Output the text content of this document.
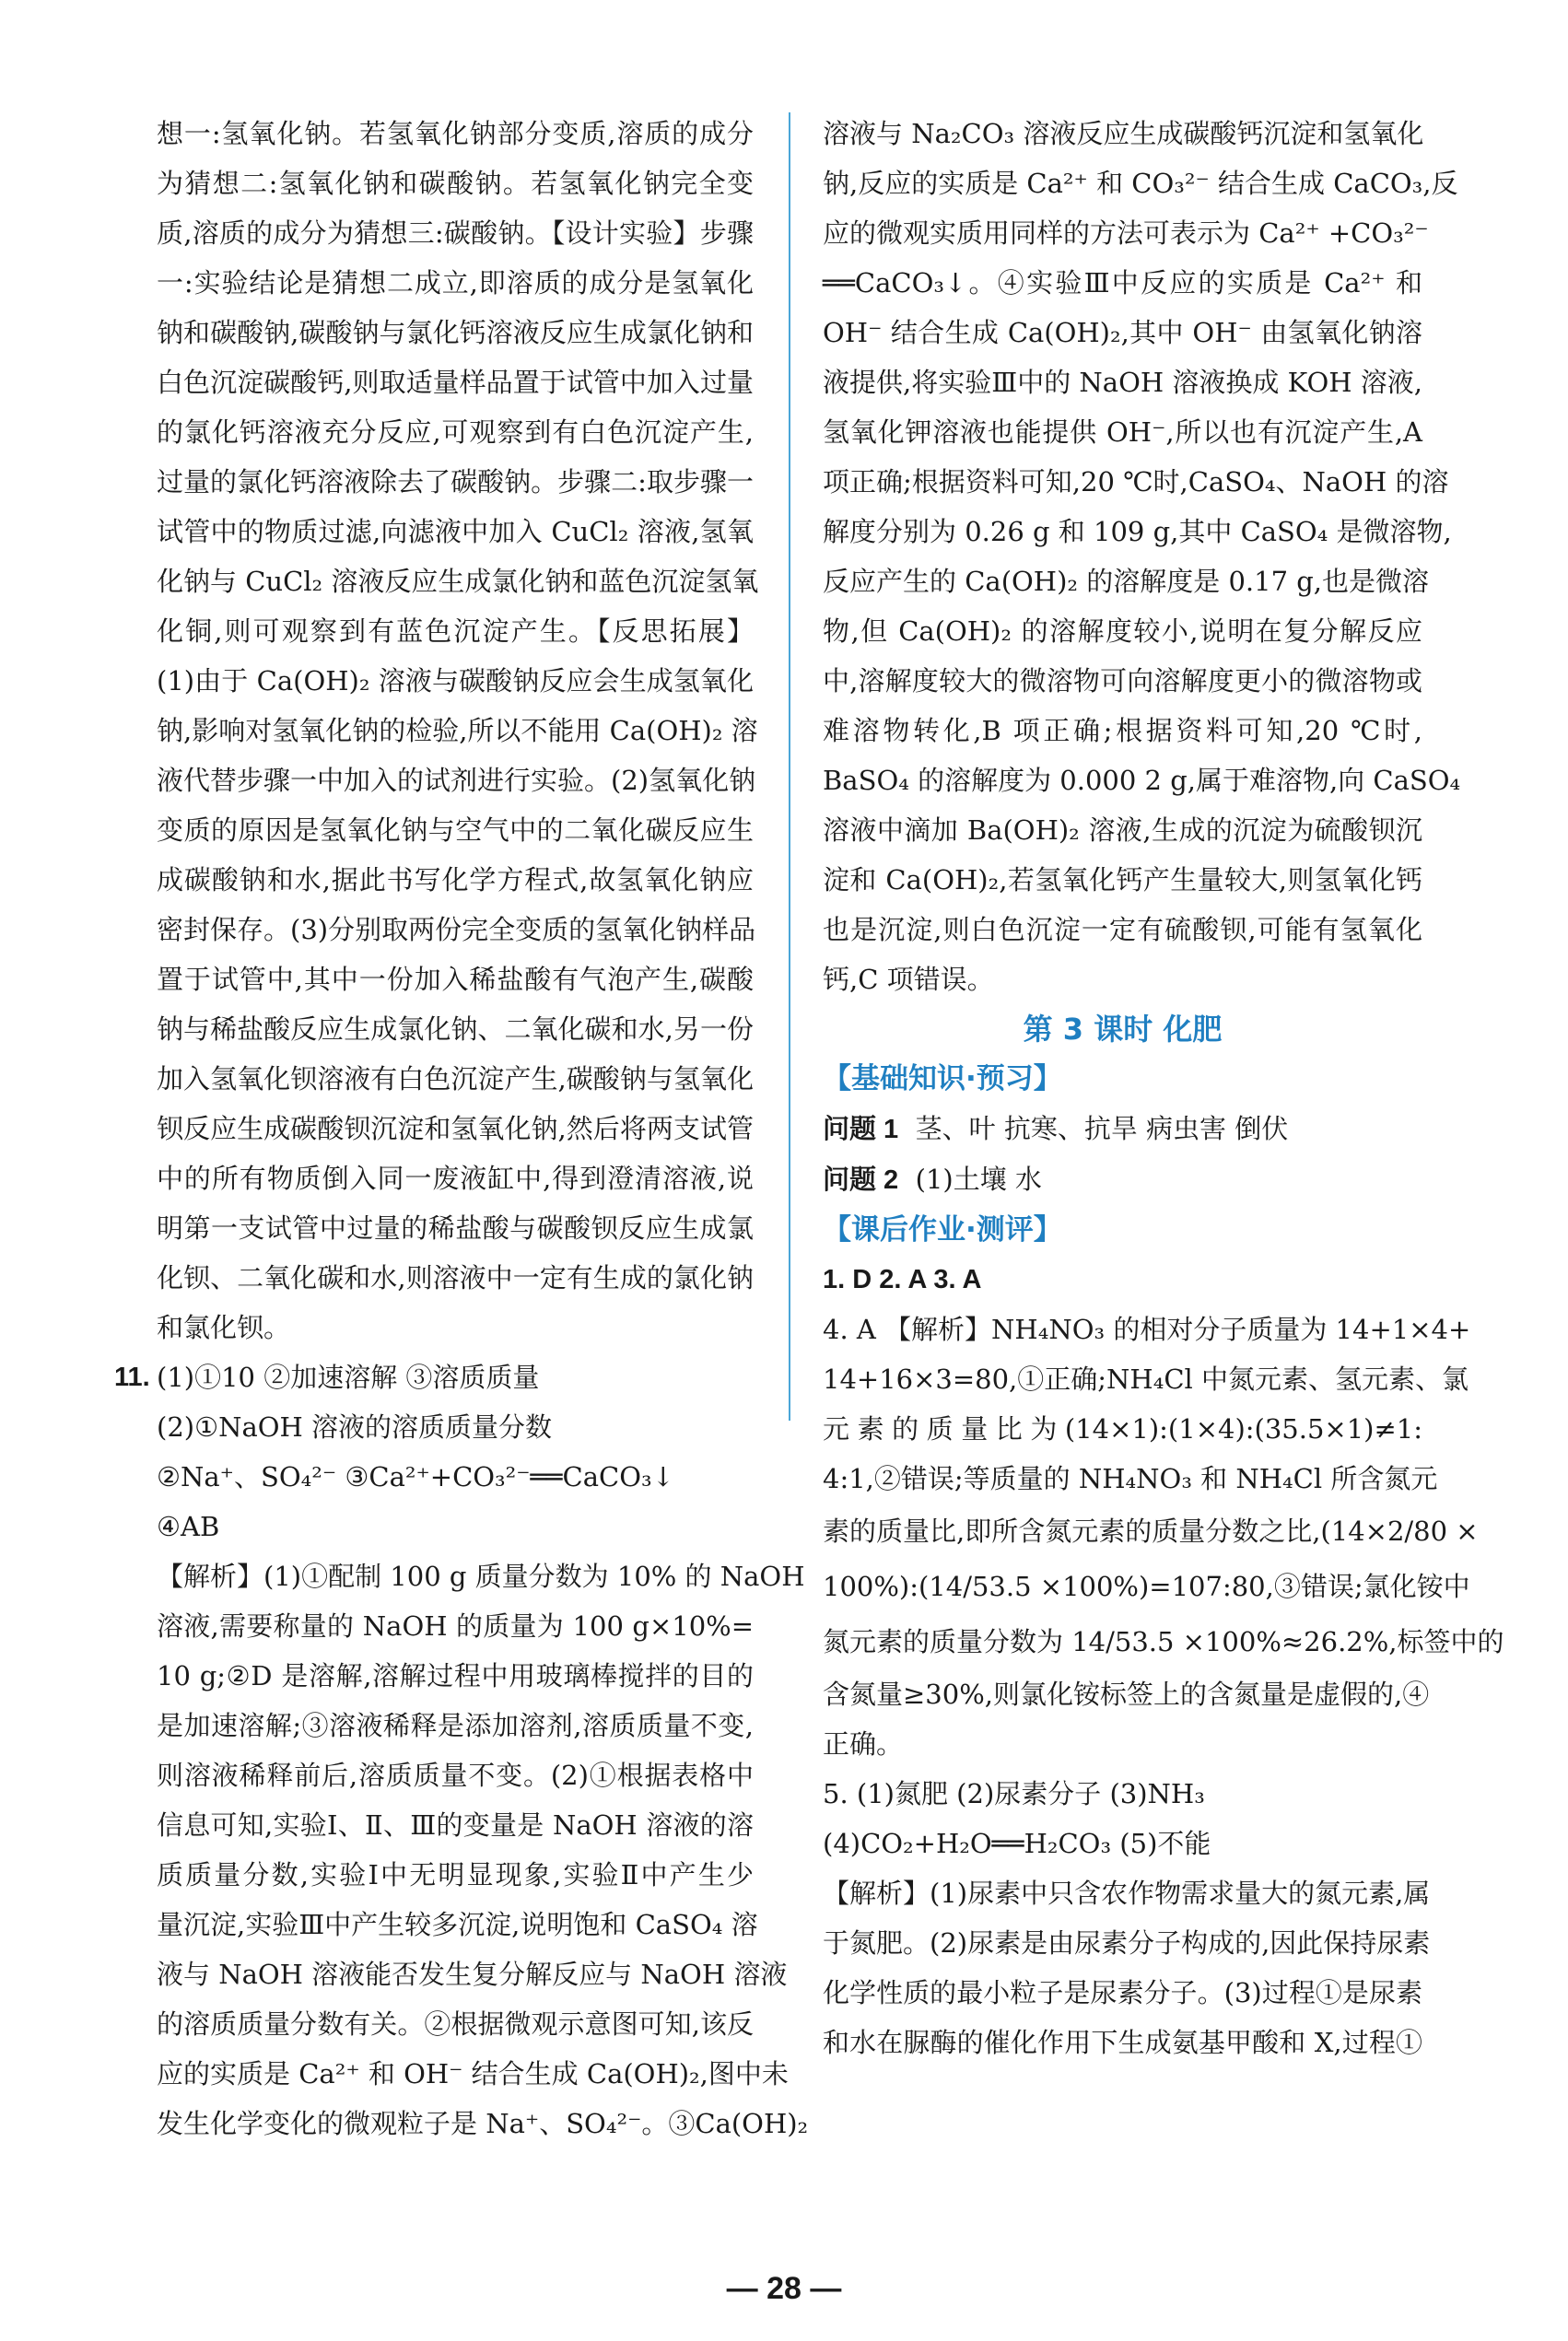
想一:氢氧化钠。若氢氧化钠部分变质,溶质的成分

为猜想二:氢氧化钠和碳酸钠。若氢氧化钠完全变

质,溶质的成分为猜想三:碳酸钠。【设计实验】步骤

一:实验结论是猜想二成立,即溶质的成分是氢氧化

钠和碳酸钠,碳酸钠与氯化钙溶液反应生成氯化钠和

白色沉淀碳酸钙,则取适量样品置于试管中加入过量

的氯化钙溶液充分反应,可观察到有白色沉淀产生,

过量的氯化钙溶液除去了碳酸钠。步骤二:取步骤一

试管中的物质过滤,向滤液中加入 CuCl₂ 溶液,氢氧

化钠与 CuCl₂ 溶液反应生成氯化钠和蓝色沉淀氢氧

化铜,则可观察到有蓝色沉淀产生。【反思拓展】

(1)由于 Ca(OH)₂ 溶液与碳酸钠反应会生成氢氧化

钠,影响对氢氧化钠的检验,所以不能用 Ca(OH)₂ 溶

液代替步骤一中加入的试剂进行实验。(2)氢氧化钠

变质的原因是氢氧化钠与空气中的二氧化碳反应生

成碳酸钠和水,据此书写化学方程式,故氢氧化钠应

密封保存。(3)分别取两份完全变质的氢氧化钠样品

置于试管中,其中一份加入稀盐酸有气泡产生,碳酸

钠与稀盐酸反应生成氯化钠、二氧化碳和水,另一份

加入氢氧化钡溶液有白色沉淀产生,碳酸钠与氢氧化

钡反应生成碳酸钡沉淀和氢氧化钠,然后将两支试管

中的所有物质倒入同一废液缸中,得到澄清溶液,说

明第一支试管中过量的稀盐酸与碳酸钡反应生成氯

化钡、二氧化碳和水,则溶液中一定有生成的氯化钠

和氯化钡。

11. (1)①10 ②加速溶解 ③溶质质量

(2)①NaOH 溶液的溶质质量分数

②Na⁺、SO₄²⁻ ③Ca²⁺+CO₃²⁻══CaCO₃↓

④AB

【解析】(1)①配制 100 g 质量分数为 10% 的 NaOH

溶液,需要称量的 NaOH 的质量为 100 g×10%=

10 g;②D 是溶解,溶解过程中用玻璃棒搅拌的目的

是加速溶解;③溶液稀释是添加溶剂,溶质质量不变,

则溶液稀释前后,溶质质量不变。(2)①根据表格中

信息可知,实验Ⅰ、Ⅱ、Ⅲ的变量是 NaOH 溶液的溶

质质量分数,实验Ⅰ中无明显现象,实验Ⅱ中产生少

量沉淀,实验Ⅲ中产生较多沉淀,说明饱和 CaSO₄ 溶

液与 NaOH 溶液能否发生复分解反应与 NaOH 溶液

的溶质质量分数有关。②根据微观示意图可知,该反

应的实质是 Ca²⁺ 和 OH⁻ 结合生成 Ca(OH)₂,图中未

发生化学变化的微观粒子是 Na⁺、SO₄²⁻。③Ca(OH)₂

溶液与 Na₂CO₃ 溶液反应生成碳酸钙沉淀和氢氧化

钠,反应的实质是 Ca²⁺ 和 CO₃²⁻ 结合生成 CaCO₃,反

应的微观实质用同样的方法可表示为 Ca²⁺ +CO₃²⁻

══CaCO₃↓。④实验Ⅲ中反应的实质是 Ca²⁺ 和

OH⁻ 结合生成 Ca(OH)₂,其中 OH⁻ 由氢氧化钠溶

液提供,将实验Ⅲ中的 NaOH 溶液换成 KOH 溶液,

氢氧化钾溶液也能提供 OH⁻,所以也有沉淀产生,A

项正确;根据资料可知,20 ℃时,CaSO₄、NaOH 的溶

解度分别为 0.26 g 和 109 g,其中 CaSO₄ 是微溶物,

反应产生的 Ca(OH)₂ 的溶解度是 0.17 g,也是微溶

物,但 Ca(OH)₂ 的溶解度较小,说明在复分解反应

中,溶解度较大的微溶物可向溶解度更小的微溶物或

难溶物转化,B 项正确;根据资料可知,20 ℃时,

BaSO₄ 的溶解度为 0.000 2 g,属于难溶物,向 CaSO₄

溶液中滴加 Ba(OH)₂ 溶液,生成的沉淀为硫酸钡沉

淀和 Ca(OH)₂,若氢氧化钙产生量较大,则氢氧化钙

也是沉淀,则白色沉淀一定有硫酸钡,可能有氢氧化

钙,C 项错误。

第 3 课时 化肥

【基础知识·预习】

问题 1 茎、叶 抗寒、抗旱 病虫害 倒伏

问题 2 (1)土壤 水

【课后作业·测评】

1. D 2. A 3. A

4. A 【解析】NH₄NO₃ 的相对分子质量为 14+1×4+

14+16×3=80,①正确;NH₄Cl 中氮元素、氢元素、氯

元素的质量比为(14×1):(1×4):(35.5×1)≠1:

4:1,②错误;等质量的 NH₄NO₃ 和 NH₄Cl 所含氮元

素的质量比,即所含氮元素的质量分数之比,(14×2/80 ×

100%):(14/53.5 ×100%)=107:80,③错误;氯化铵中

氮元素的质量分数为 14/53.5 ×100%≈26.2%,标签中的

含氮量≥30%,则氯化铵标签上的含氮量是虚假的,④

正确。

5. (1)氮肥 (2)尿素分子 (3)NH₃

(4)CO₂+H₂O══H₂CO₃ (5)不能

【解析】(1)尿素中只含农作物需求量大的氮元素,属

于氮肥。(2)尿素是由尿素分子构成的,因此保持尿素

化学性质的最小粒子是尿素分子。(3)过程①是尿素

和水在脲酶的催化作用下生成氨基甲酸和 X,过程①

— 28 —
